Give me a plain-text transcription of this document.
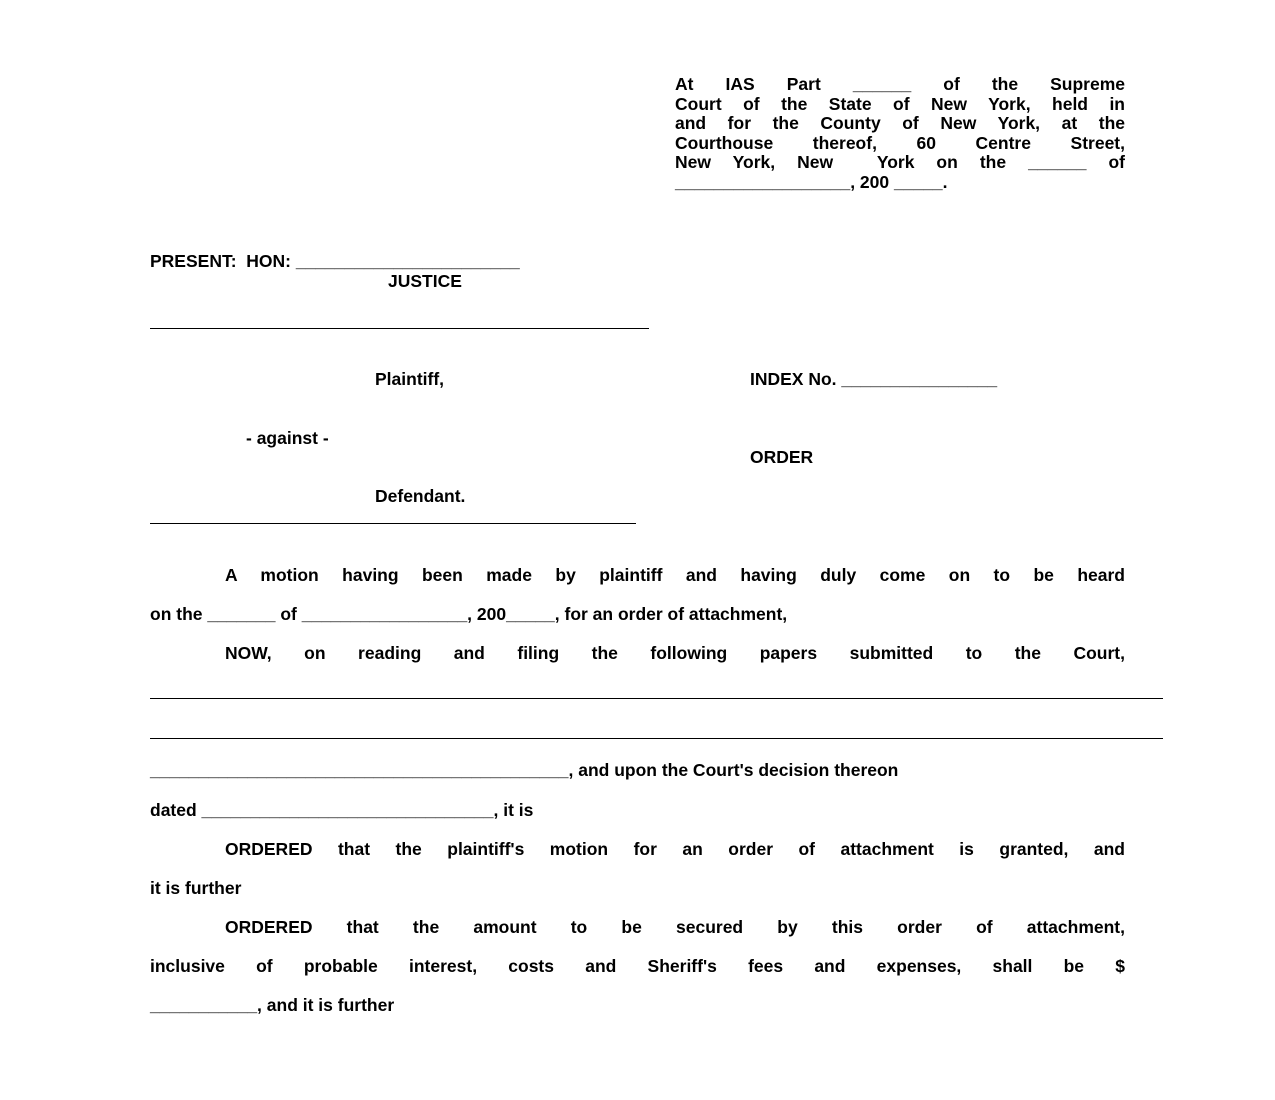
At IAS Part ______ of the Supreme
Court of the State of New York, held in
and for the County of New York, at the
Courthouse thereof, 60 Centre Street,
New York, New  York on the ______ of
__________________, 200 _____.
PRESENT:  HON: _______________________
JUSTICE
Plaintiff,
- against -
Defendant.
INDEX No. ________________
ORDER
A motion having been made by plaintiff and having duly come on to be heard
on the _______ of _________________, 200_____, for an order of attachment,
NOW, on reading and filing the following papers submitted to the Court,
___________________________________________, and upon the Court's decision thereon
dated ______________________________, it is
ORDERED that the plaintiff's motion for an order of attachment is granted, and
it is further
ORDERED that the amount to be secured by this order of attachment,
inclusive of probable interest, costs and Sheriff's fees and expenses, shall be $
___________, and it is further
